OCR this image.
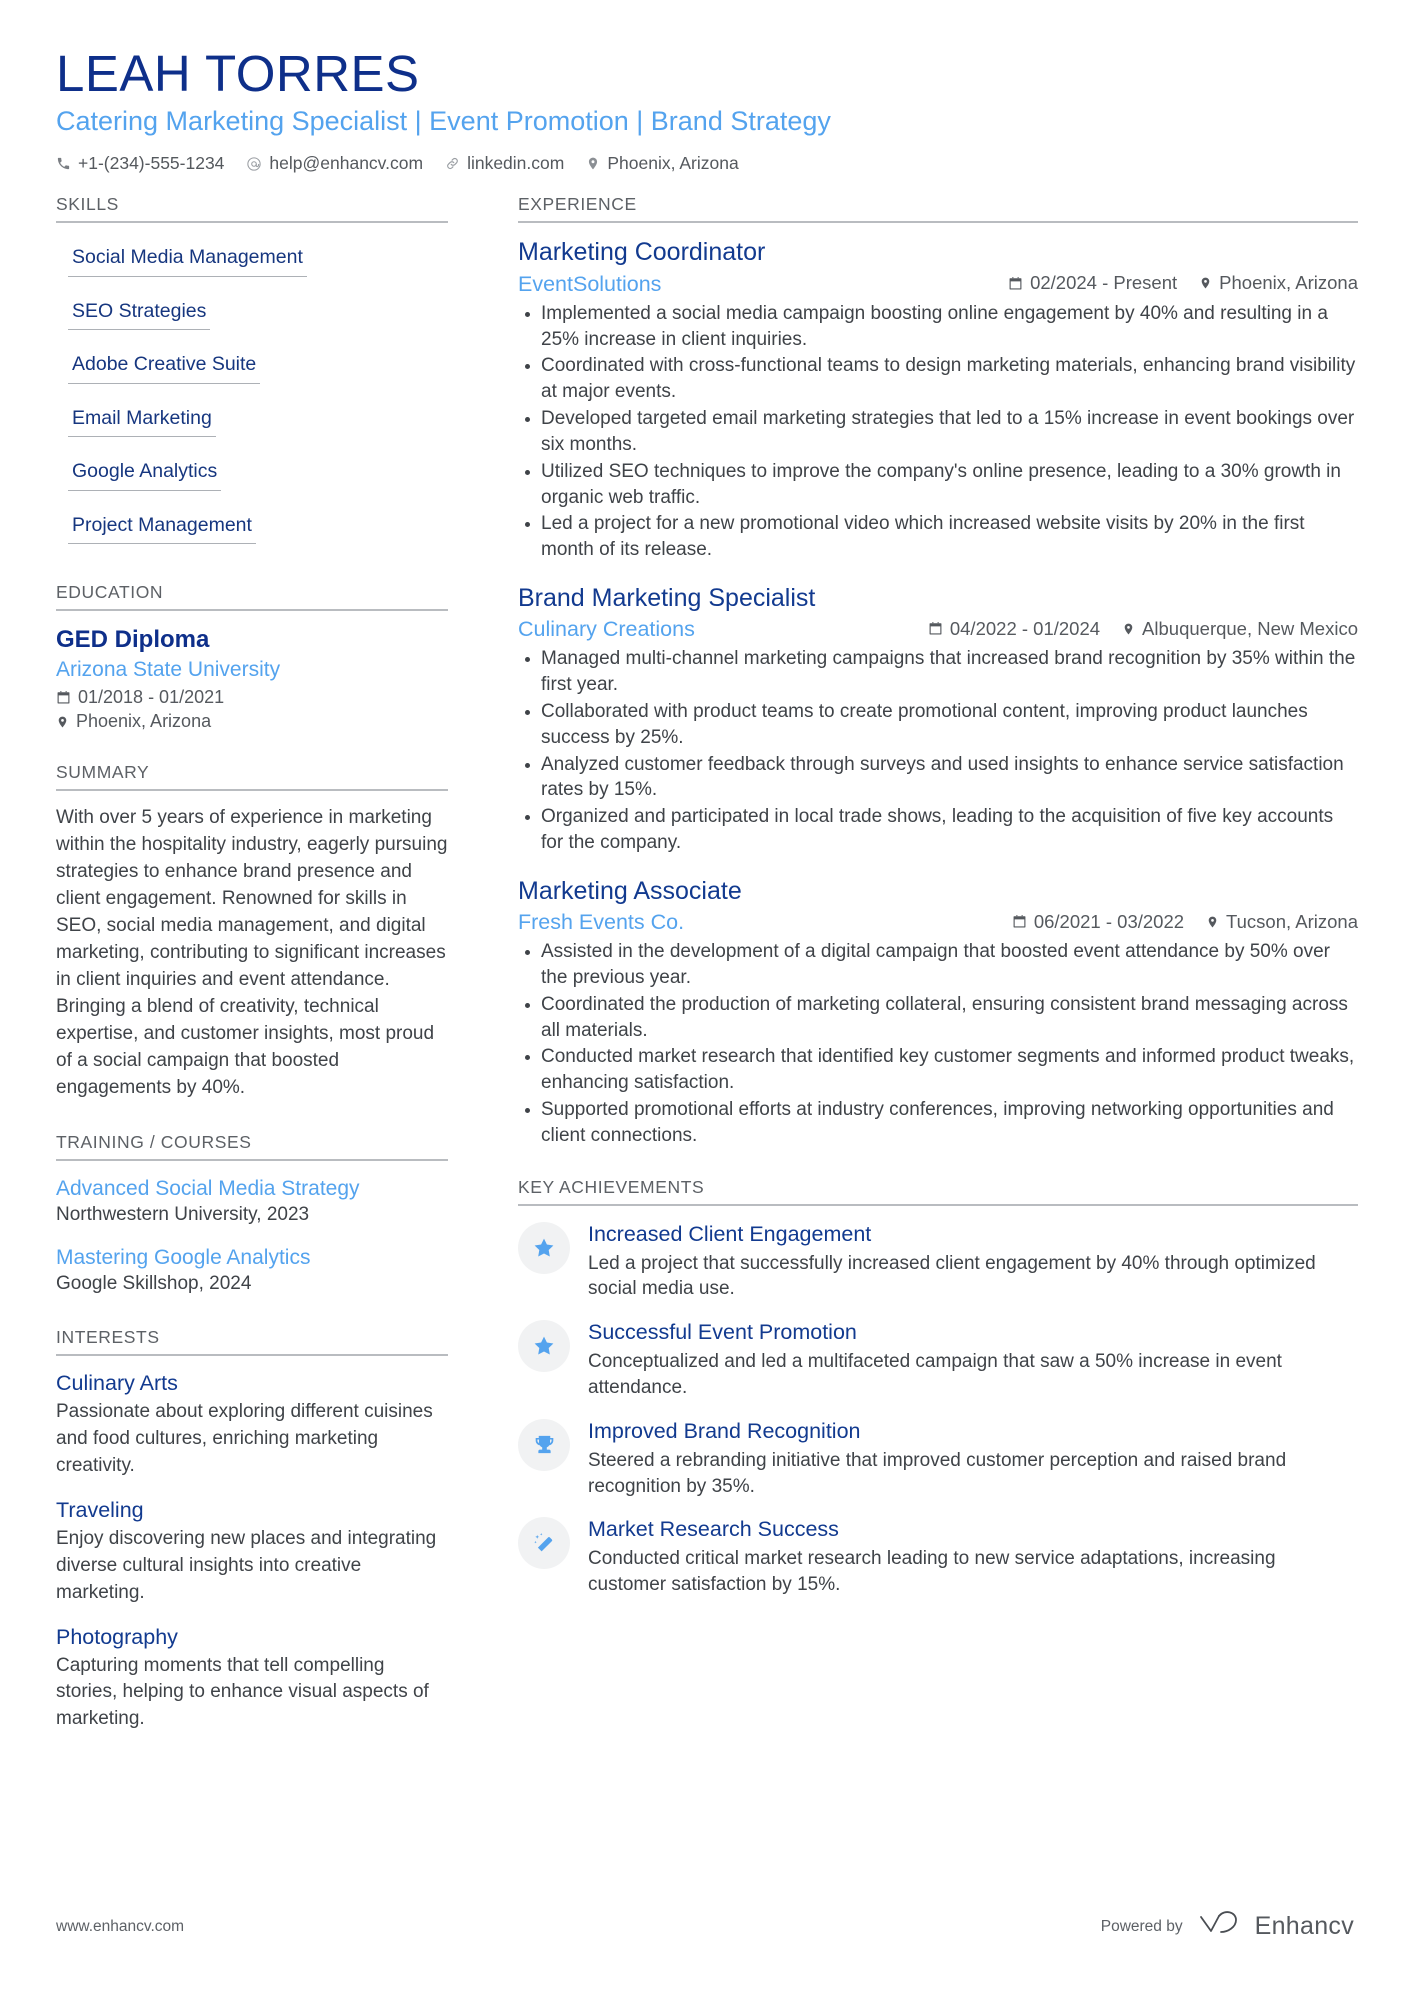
LEAH TORRES
Catering Marketing Specialist | Event Promotion | Brand Strategy
+1-(234)-555-1234	help@enhancv.com	linkedin.com Phoenix, Arizona
SKILLS
Social Media Management
SEO Strategies
Adobe Creative Suite
Email Marketing
Google Analytics
Project Management
EDUCATION
GED Diploma
Arizona State University
01/2018 - 01/2021
Phoenix, Arizona
SUMMARY
With over 5 years of experience in marketing within the hospitality industry, eagerly pursuing strategies to enhance brand presence and client engagement. Renowned for skills in SEO, social media management, and digital marketing, contributing to significant increases in client inquiries and event attendance. Bringing a blend of creativity, technical expertise, and customer insights, most proud of a social campaign that boosted engagements by 40%.
TRAINING / COURSES
Advanced Social Media Strategy
Northwestern University, 2023
Mastering Google Analytics
Google Skillshop, 2024
INTERESTS
Culinary Arts
Passionate about exploring different cuisines and food cultures, enriching marketing creativity.
Traveling
Enjoy discovering new places and integrating diverse cultural insights into creative marketing.
Photography
Capturing moments that tell compelling stories, helping to enhance visual aspects of marketing.
EXPERIENCE
Marketing Coordinator
EventSolutions	02/2024 - Present Phoenix, Arizona
Implemented a social media campaign boosting online engagement by 40% and resulting in a 25% increase in client inquiries.
Coordinated with cross-functional teams to design marketing materials, enhancing brand visibility at major events.
Developed targeted email marketing strategies that led to a 15% increase in event bookings over six months.
Utilized SEO techniques to improve the company's online presence, leading to a 30% growth in organic web traffic.
Led a project for a new promotional video which increased website visits by 20% in the first month of its release.
Brand Marketing Specialist
Culinary Creations	04/2022 - 01/2024 Albuquerque, New Mexico
Managed multi-channel marketing campaigns that increased brand recognition by 35% within the first year.
Collaborated with product teams to create promotional content, improving product launches success by 25%.
Analyzed customer feedback through surveys and used insights to enhance service satisfaction rates by 15%.
Organized and participated in local trade shows, leading to the acquisition of five key accounts for the company.
Marketing Associate
Fresh Events Co.	06/2021 - 03/2022 Tucson, Arizona
Assisted in the development of a digital campaign that boosted event attendance by 50% over the previous year.
Coordinated the production of marketing collateral, ensuring consistent brand messaging across all materials.
Conducted market research that identified key customer segments and informed product tweaks, enhancing satisfaction.
Supported promotional efforts at industry conferences, improving networking opportunities and client connections.
KEY ACHIEVEMENTS
Increased Client Engagement
Led a project that successfully increased client engagement by 40% through optimized social media use.
Successful Event Promotion
Conceptualized and led a multifaceted campaign that saw a 50% increase in event attendance.
Improved Brand Recognition
Steered a rebranding initiative that improved customer perception and raised brand recognition by 35%.
Market Research Success
Conducted critical market research leading to new service adaptations, increasing customer satisfaction by 15%.
www.enhancv.com	Powered by	Enhancv
